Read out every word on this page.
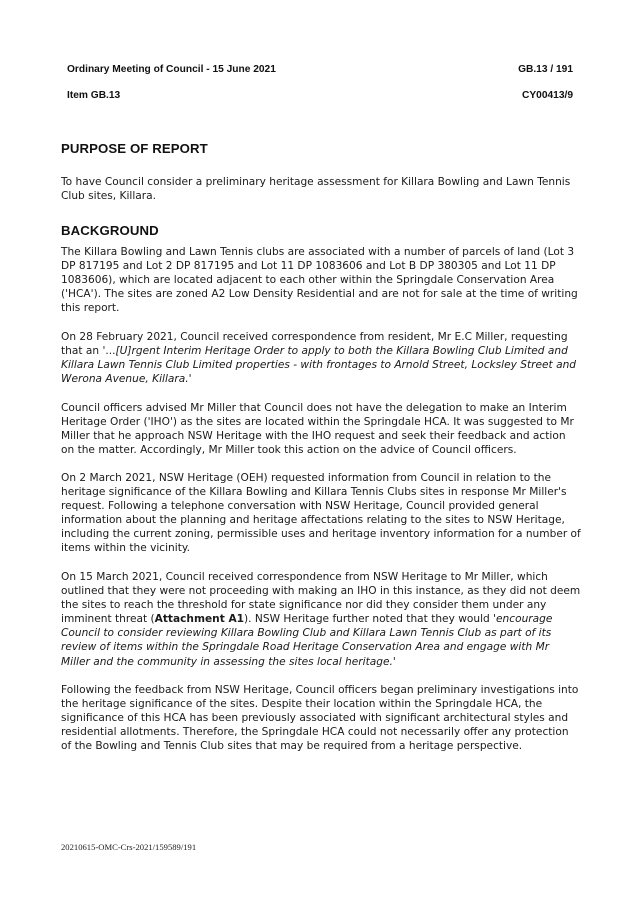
Ordinary Meeting of Council - 15 June 2021	GB.13 / 191
Item GB.13	CY00413/9
PURPOSE OF REPORT

To have Council consider a preliminary heritage assessment for Killara Bowling and Lawn Tennis Club sites, Killara.

BACKGROUND

The Killara Bowling and Lawn Tennis clubs are associated with a number of parcels of land (Lot 3 DP 817195 and Lot 2 DP 817195 and Lot 11 DP 1083606 and Lot B DP 380305 and Lot 11 DP 1083606), which are located adjacent to each other within the Springdale Conservation Area ('HCA'). The sites are zoned A2 Low Density Residential and are not for sale at the time of writing this report.

On 28 February 2021, Council received correspondence from resident, Mr E.C Miller, requesting that an '...[U]rgent Interim Heritage Order to apply to both the Killara Bowling Club Limited and Killara Lawn Tennis Club Limited properties - with frontages to Arnold Street, Locksley Street and Werona Avenue, Killara.'

Council officers advised Mr Miller that Council does not have the delegation to make an Interim Heritage Order ('IHO') as the sites are located within the Springdale HCA. It was suggested to Mr Miller that he approach NSW Heritage with the IHO request and seek their feedback and action on the matter. Accordingly, Mr Miller took this action on the advice of Council officers.

On 2 March 2021, NSW Heritage (OEH) requested information from Council in relation to the heritage significance of the Killara Bowling and Killara Tennis Clubs sites in response Mr Miller's request. Following a telephone conversation with NSW Heritage, Council provided general information about the planning and heritage affectations relating to the sites to NSW Heritage, including the current zoning, permissible uses and heritage inventory information for a number of items within the vicinity.

On 15 March 2021, Council received correspondence from NSW Heritage to Mr Miller, which outlined that they were not proceeding with making an IHO in this instance, as they did not deem the sites to reach the threshold for state significance nor did they consider them under any imminent threat (Attachment A1). NSW Heritage further noted that they would 'encourage Council to consider reviewing Killara Bowling Club and Killara Lawn Tennis Club as part of its review of items within the Springdale Road Heritage Conservation Area and engage with Mr Miller and the community in assessing the sites local heritage.'

Following the feedback from NSW Heritage, Council officers began preliminary investigations into the heritage significance of the sites. Despite their location within the Springdale HCA, the significance of this HCA has been previously associated with significant architectural styles and residential allotments. Therefore, the Springdale HCA could not necessarily offer any protection of the Bowling and Tennis Club sites that may be required from a heritage perspective.

20210615-OMC-Crs-2021/159589/191
